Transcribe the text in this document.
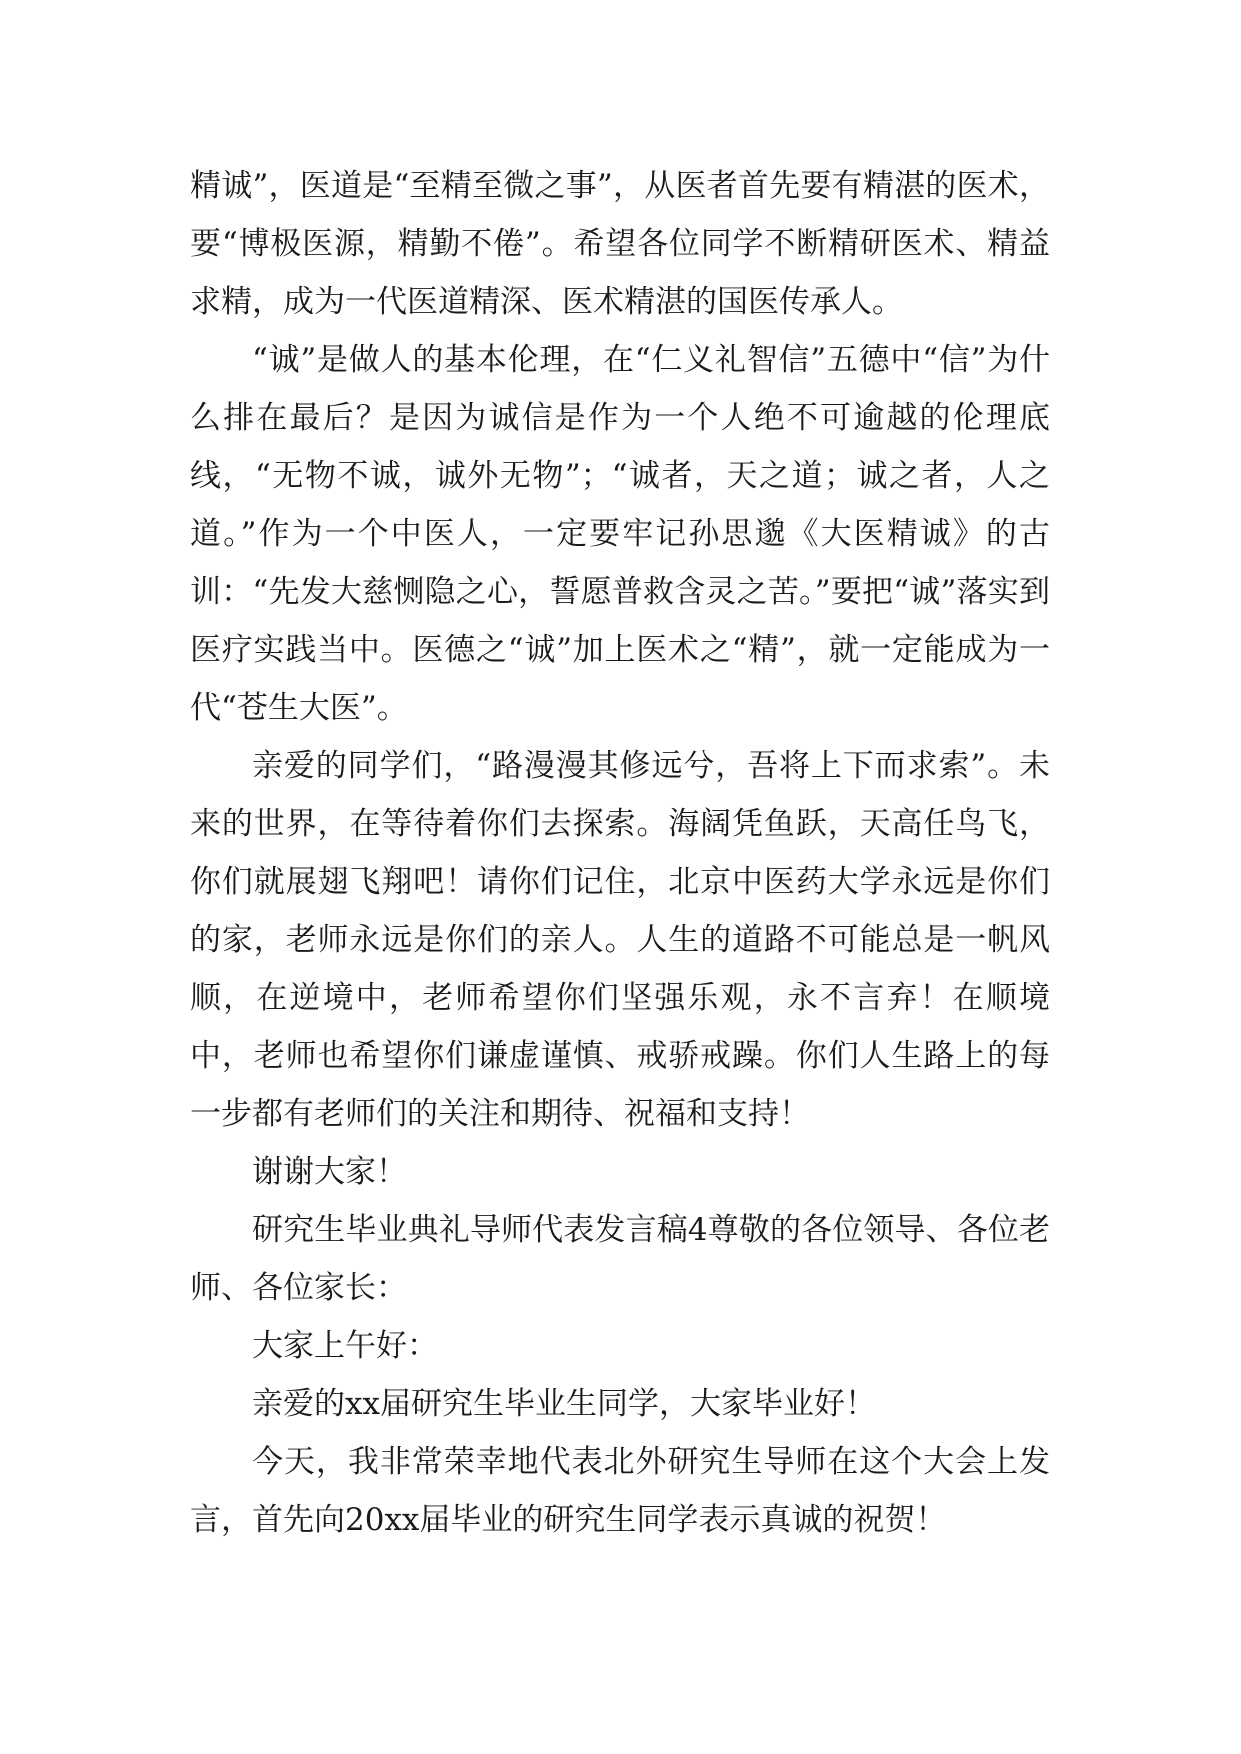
精诚”，医道是“至精至微之事”，从医者首先要有精湛的医术，要“博极医源，精勤不倦”。希望各位同学不断精研医术、精益求精，成为一代医道精深、医术精湛的国医传承人。

“诚”是做人的基本伦理，在“仁义礼智信”五德中“信”为什么排在最后？是因为诚信是作为一个人绝不可逾越的伦理底线，“无物不诚，诚外无物”；“诚者，天之道；诚之者，人之道。”作为一个中医人，一定要牢记孙思邈《大医精诚》的古训：“先发大慈恻隐之心，誓愿普救含灵之苦。”要把“诚”落实到医疗实践当中。医德之“诚”加上医术之“精”，就一定能成为一代“苍生大医”。

亲爱的同学们，“路漫漫其修远兮，吾将上下而求索”。未来的世界，在等待着你们去探索。海阔凭鱼跃，天高任鸟飞，你们就展翅飞翔吧！请你们记住，北京中医药大学永远是你们的家，老师永远是你们的亲人。人生的道路不可能总是一帆风顺，在逆境中，老师希望你们坚强乐观，永不言弃！在顺境中，老师也希望你们谦虚谨慎、戒骄戒躁。你们人生路上的每一步都有老师们的关注和期待、祝福和支持！

谢谢大家！

研究生毕业典礼导师代表发言稿4尊敬的各位领导、各位老师、各位家长：

大家上午好：

亲爱的xx届研究生毕业生同学，大家毕业好！

今天，我非常荣幸地代表北外研究生导师在这个大会上发言，首先向20xx届毕业的研究生同学表示真诚的祝贺！
